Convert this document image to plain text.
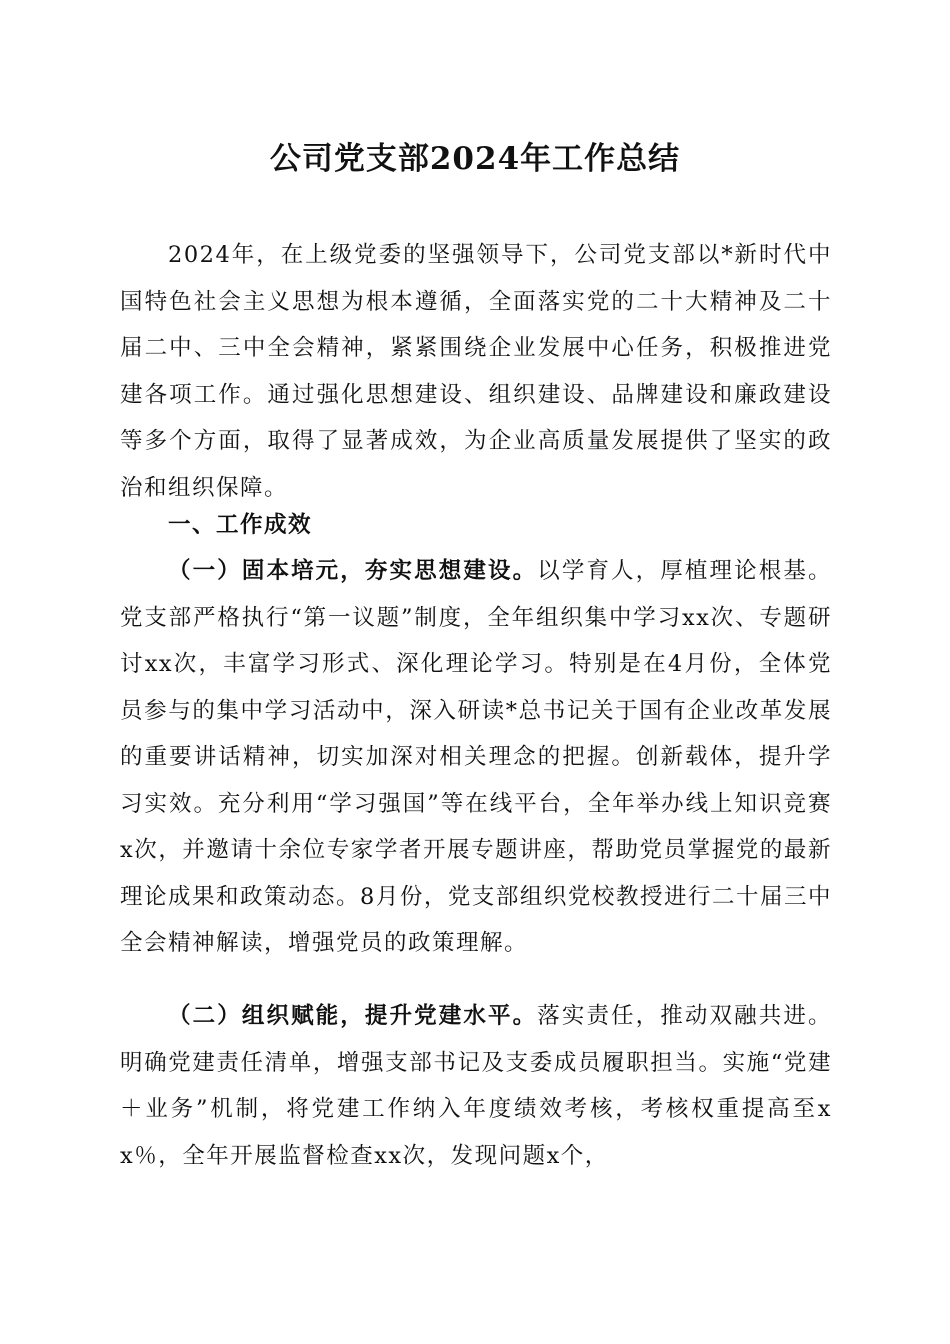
公司党支部2024年工作总结

2024年，在上级党委的坚强领导下，公司党支部以*新时代中国特色社会主义思想为根本遵循，全面落实党的二十大精神及二十届二中、三中全会精神，紧紧围绕企业发展中心任务，积极推进党建各项工作。通过强化思想建设、组织建设、品牌建设和廉政建设等多个方面，取得了显著成效，为企业高质量发展提供了坚实的政治和组织保障。

一、工作成效

（一）固本培元，夯实思想建设。以学育人，厚植理论根基。党支部严格执行“第一议题”制度，全年组织集中学习xx次、专题研讨xx次，丰富学习形式、深化理论学习。特别是在4月份，全体党员参与的集中学习活动中，深入研读*总书记关于国有企业改革发展的重要讲话精神，切实加深对相关理念的把握。创新载体，提升学习实效。充分利用“学习强国”等在线平台，全年举办线上知识竞赛x次，并邀请十余位专家学者开展专题讲座，帮助党员掌握党的最新理论成果和政策动态。8月份，党支部组织党校教授进行二十届三中全会精神解读，增强党员的政策理解。

（二）组织赋能，提升党建水平。落实责任，推动双融共进。明确党建责任清单，增强支部书记及支委成员履职担当。实施“党建＋业务”机制，将党建工作纳入年度绩效考核，考核权重提高至xx％，全年开展监督检查xx次，发现问题x个，
